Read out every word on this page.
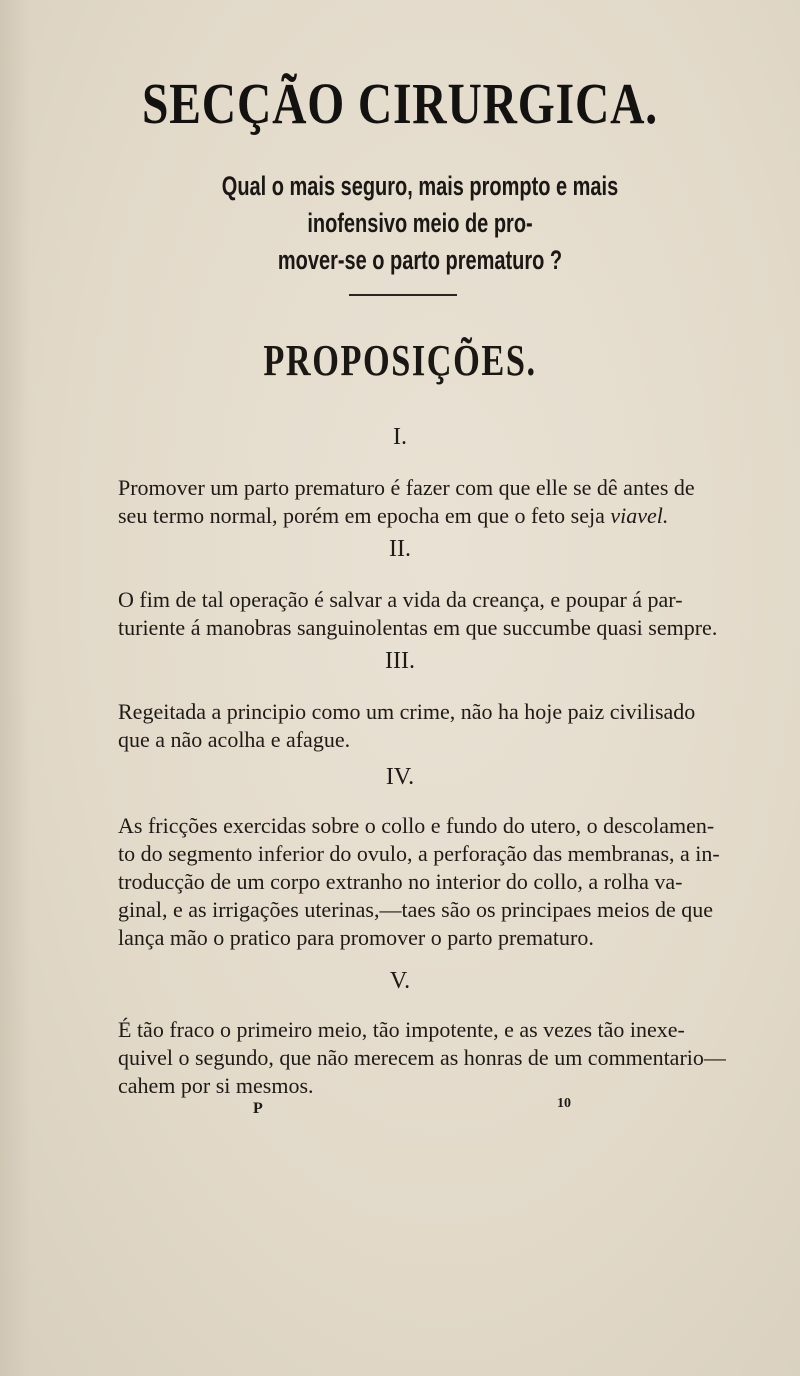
SECÇÃO CIRURGICA.
Qual o mais seguro, mais prompto e mais inofensivo meio de pro-
mover-se o parto prematuro ?
PROPOSIÇÕES.
I.
Promover um parto prematuro é fazer com que elle se dê antes de
seu termo normal, porém em epocha em que o feto seja viavel.
II.
O fim de tal operação é salvar a vida da creança, e poupar á par-
turiente á manobras sanguinolentas em que succumbe quasi sempre.
III.
Regeitada a principio como um crime, não ha hoje paiz civilisado
que a não acolha e afague.
IV.
As fricções exercidas sobre o collo e fundo do utero, o descolamen-
to do segmento inferior do ovulo, a perforação das membranas, a in-
troducção de um corpo extranho no interior do collo, a rolha va-
ginal, e as irrigações uterinas,—taes são os principaes meios de que
lança mão o pratico para promover o parto prematuro.
V.
É tão fraco o primeiro meio, tão impotente, e as vezes tão inexe-
quivel o segundo, que não merecem as honras de um commentario—
cahem por si mesmos.
P	10
